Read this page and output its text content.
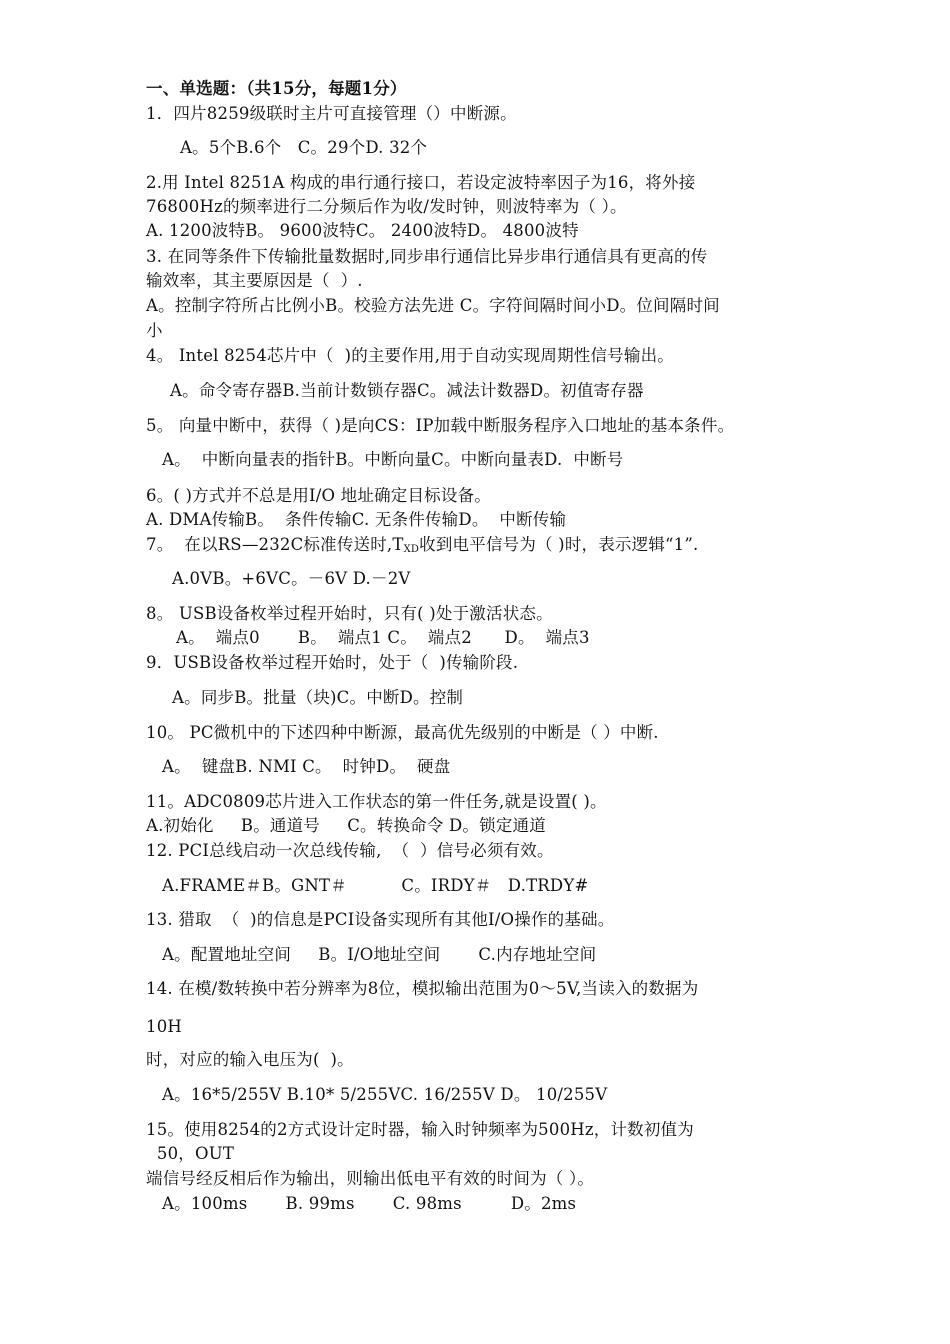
一、单选题：（共15分，每题1分）
1．四片8259级联时主片可直接管理（）中断源。
A。5个B.6个   C。29个D. 32个
2.用 Intel 8251A 构成的串行通行接口，若设定波特率因子为16，将外接
76800Hz的频率进行二分频后作为收/发时钟，则波特率为（ ）。
A. 1200波特B。 9600波特C。 2400波特D。 4800波特
3. 在同等条件下传输批量数据时,同步串行通信比异步串行通信具有更高的传
输效率，其主要原因是（  ）.
A。控制字符所占比例小B。校验方法先进 C。字符间隔时间小D。位间隔时间
小
4。 Intel 8254芯片中（  )的主要作用,用于自动实现周期性信号输出。
A。命令寄存器B.当前计数锁存器C。减法计数器D。初值寄存器
5。 向量中断中，获得（ )是向CS：IP加载中断服务程序入口地址的基本条件。
A。  中断向量表的指针B。中断向量C。中断向量表D.  中断号
6。( )方式并不总是用I/O 地址确定目标设备。
A. DMA传输B。  条件传输C. 无条件传输D。  中断传输
7。  在以RS—232C标准传送时$,T_{XD}$收到电平信号为（ )时，表示逻辑“1”.
A.0VB。+6VC。－6V D.－2V
8。 USB设备枚举过程开始时，只有( )处于激活状态。
A。  端点0       B。  端点1 C。  端点2      D。  端点3
9．USB设备枚举过程开始时，处于（  )传输阶段.
A。同步B。批量（块)C。中断D。控制
10。 PC微机中的下述四种中断源，最高优先级别的中断是（ ）中断.
A。  键盘B. NMI C。  时钟D。  硬盘
11。ADC0809芯片进入工作状态的第一件任务,就是设置( )。
A.初始化     B。通道号     C。转换命令 D。锁定通道
12. PCI总线启动一次总线传输,  （  ）信号必须有效。
A.FRAME＃B。GNT＃          C。IRDY＃   D.TRDY#
13. 猎取  （  )的信息是PCI设备实现所有其他I/O操作的基础。
A。配置地址空间     B。I/O地址空间       C.内存地址空间
14. 在模/数转换中若分辨率为8位，模拟输出范围为0～5V,当读入的数据为
10H
时，对应的输入电压为(  )。
A。16*5/255V B.10* 5/255VC. 16/255V D。 10/255V
15。使用8254的2方式设计定时器，输入时钟频率为500Hz，计数初值为
50，OUT
端信号经反相后作为输出，则输出低电平有效的时间为（ ）。
A。100ms       B. 99ms       C. 98ms         D。2ms
